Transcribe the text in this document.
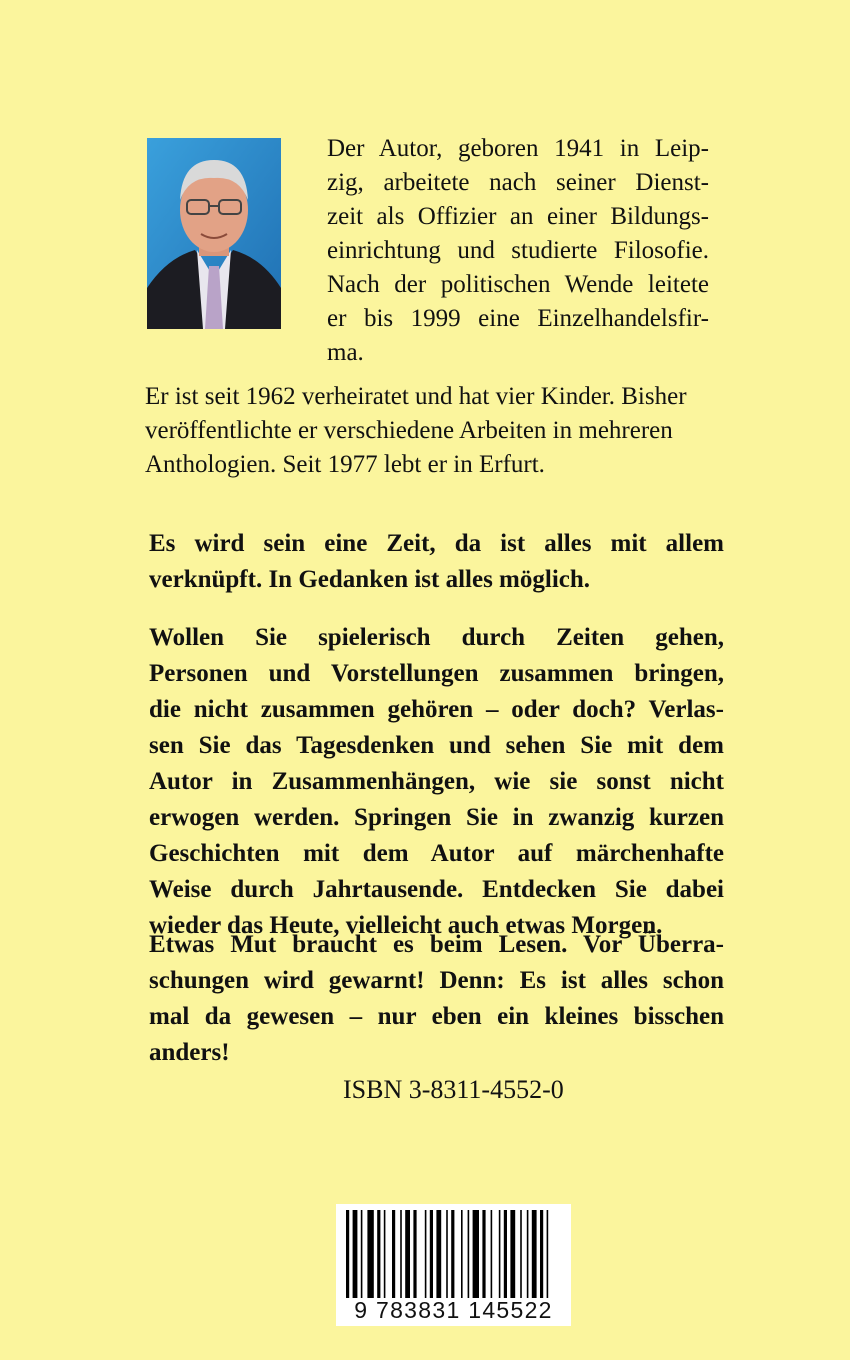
Der Autor, geboren 1941 in Leip-
zig, arbeitete nach seiner Dienst-
zeit als Offizier an einer Bildungs-
einrichtung und studierte Filosofie.
Nach der politischen Wende leitete
er bis 1999 eine Einzelhandelsfir-
ma.
Er ist seit 1962 verheiratet und hat vier Kinder. Bisher
veröffentlichte er verschiedene Arbeiten in mehreren
Anthologien. Seit 1977 lebt er in Erfurt.
Es wird sein eine Zeit, da ist alles mit allem
verknüpft. In Gedanken ist alles möglich.
Wollen Sie spielerisch durch Zeiten gehen,
Personen und Vorstellungen zusammen bringen,
die nicht zusammen gehören – oder doch? Verlas-
sen Sie das Tagesdenken und sehen Sie mit dem
Autor in Zusammenhängen, wie sie sonst nicht
erwogen werden. Springen Sie in zwanzig kurzen
Geschichten mit dem Autor auf märchenhafte
Weise durch Jahrtausende. Entdecken Sie dabei
wieder das Heute, vielleicht auch etwas Morgen.
Etwas Mut braucht es beim Lesen. Vor Überra-
schungen wird gewarnt! Denn: Es ist alles schon
mal da gewesen – nur eben ein kleines bisschen
anders!
ISBN 3-8311-4552-0
9 783831 145522
